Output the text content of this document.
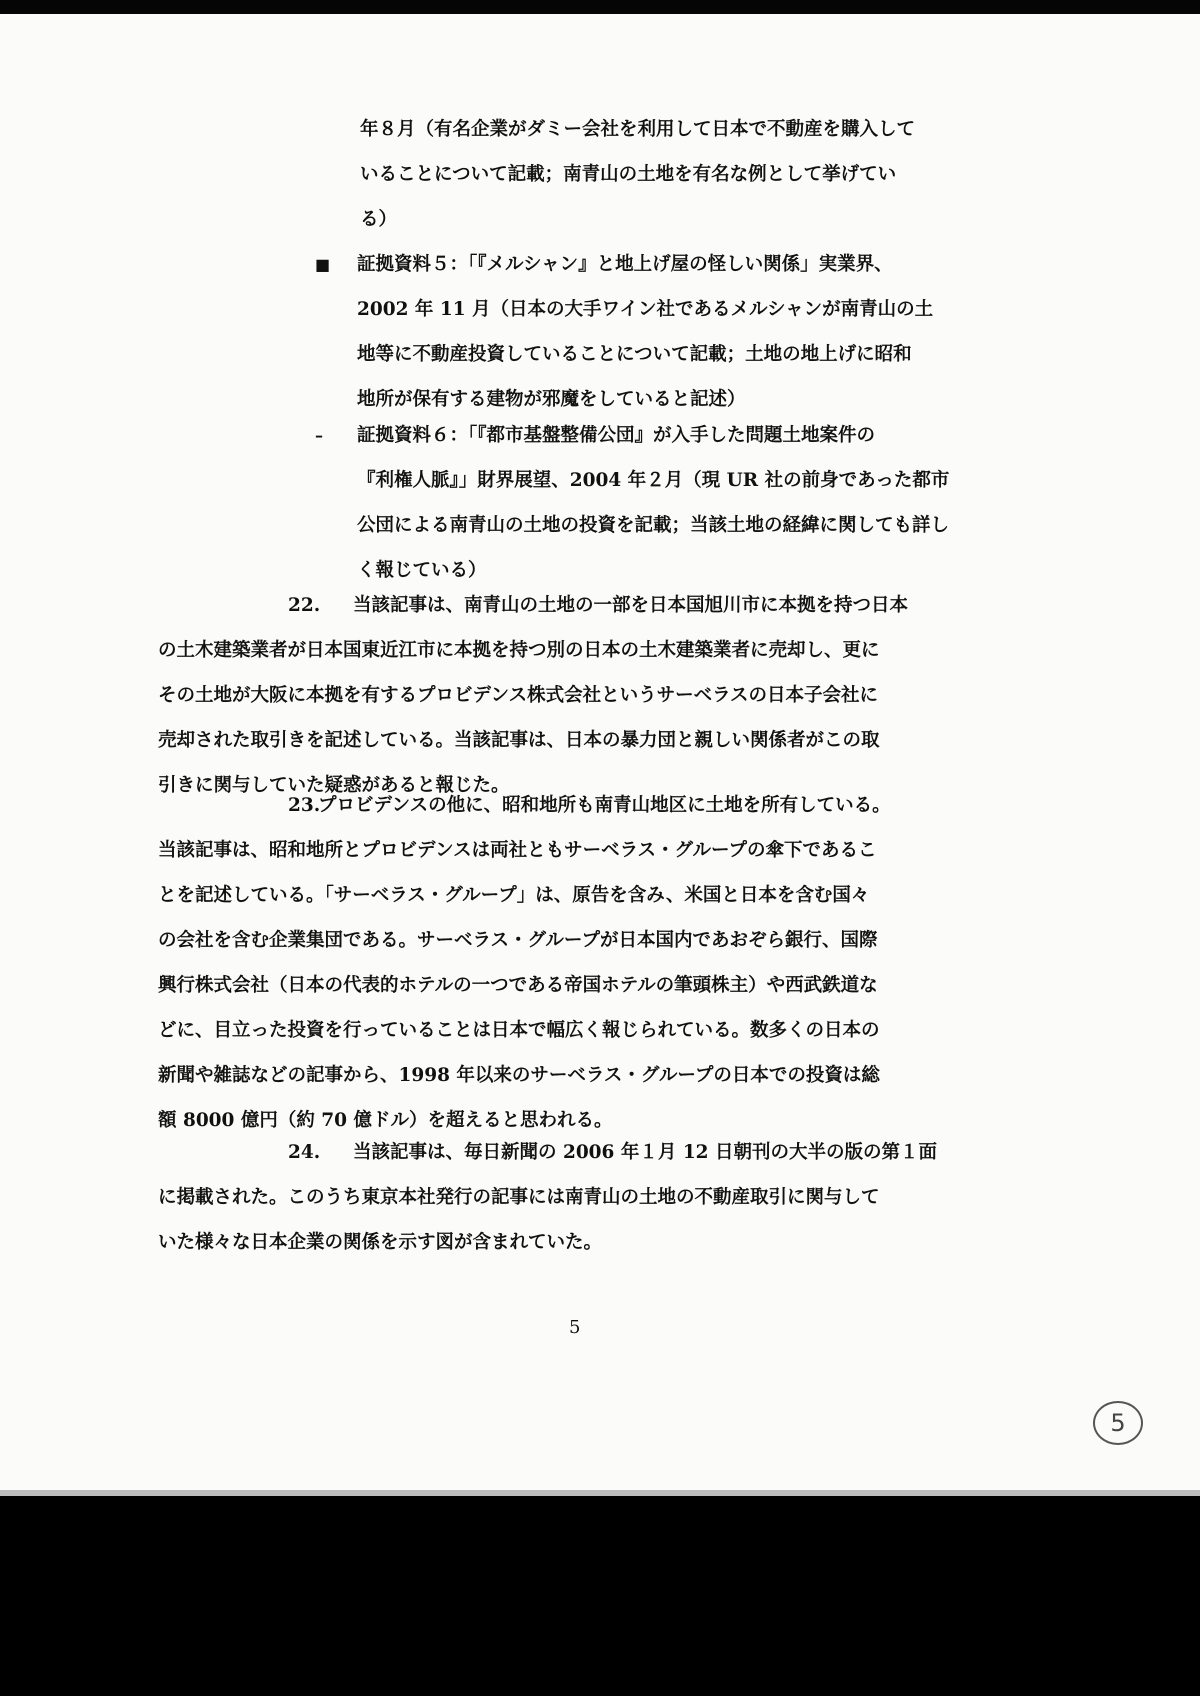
年８月（有名企業がダミー会社を利用して日本で不動産を購入して
いることについて記載；南青山の土地を有名な例として挙げてい
る）
■	証拠資料５：「『メルシャン』と地上げ屋の怪しい関係」実業界、
2002 年 11 月（日本の大手ワイン社であるメルシャンが南青山の土
地等に不動産投資していることについて記載；土地の地上げに昭和
地所が保有する建物が邪魔をしていると記述）
–	証拠資料６：「『都市基盤整備公団』が入手した問題土地案件の
『利権人脈』」財界展望、2004 年２月（現 UR 社の前身であった都市
公団による南青山の土地の投資を記載；当該土地の経緯に関しても詳し
く報じている）
22. 当該記事は、南青山の土地の一部を日本国旭川市に本拠を持つ日本
の土木建築業者が日本国東近江市に本拠を持つ別の日本の土木建築業者に売却し、更に
その土地が大阪に本拠を有するプロビデンス株式会社というサーベラスの日本子会社に
売却された取引きを記述している。当該記事は、日本の暴力団と親しい関係者がこの取
引きに関与していた疑惑があると報じた。
23.プロビデンスの他に、昭和地所も南青山地区に土地を所有している。
当該記事は、昭和地所とプロビデンスは両社ともサーベラス・グループの傘下であるこ
とを記述している。「サーベラス・グループ」は、原告を含み、米国と日本を含む国々
の会社を含む企業集団である。サーベラス・グループが日本国内であおぞら銀行、国際
興行株式会社（日本の代表的ホテルの一つである帝国ホテルの筆頭株主）や西武鉄道な
どに、目立った投資を行っていることは日本で幅広く報じられている。数多くの日本の
新聞や雑誌などの記事から、1998 年以来のサーベラス・グループの日本での投資は総
額 8000 億円（約 70 億ドル）を超えると思われる。
24. 当該記事は、毎日新聞の 2006 年１月 12 日朝刊の大半の版の第１面
に掲載された。このうち東京本社発行の記事には南青山の土地の不動産取引に関与して
いた様々な日本企業の関係を示す図が含まれていた。
5
5
